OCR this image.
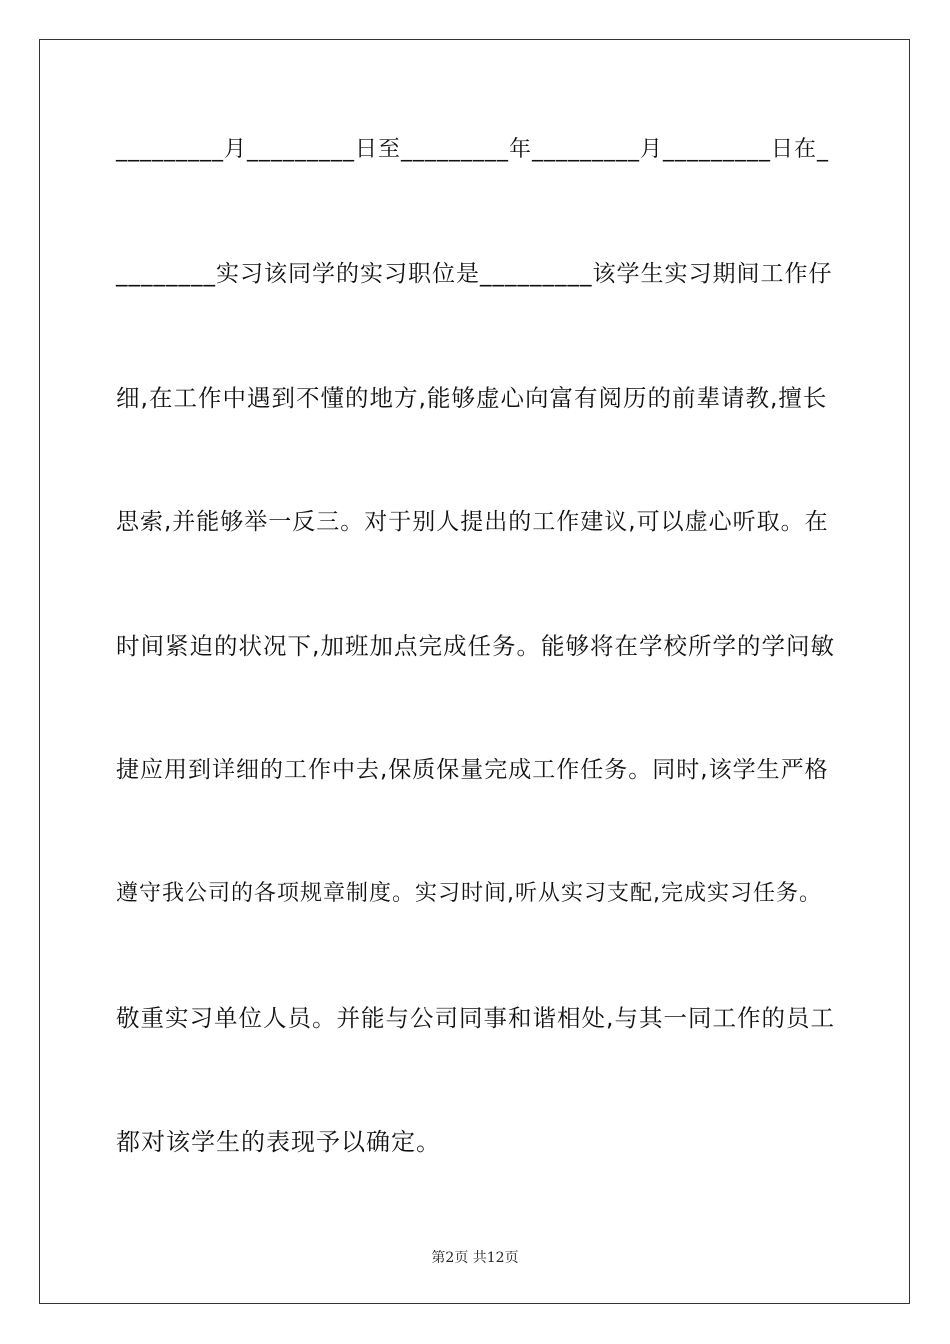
_________月_________日至_________年_________月_________日在_
________实习该同学的实习职位是_________该学生实习期间工作仔
细,在工作中遇到不懂的地方,能够虚心向富有阅历的前辈请教,擅长
思索,并能够举一反三。对于别人提出的工作建议,可以虚心听取。在
时间紧迫的状况下,加班加点完成任务。能够将在学校所学的学问敏
捷应用到详细的工作中去,保质保量完成工作任务。同时,该学生严格
遵守我公司的各项规章制度。实习时间,听从实习支配,完成实习任务。
敬重实习单位人员。并能与公司同事和谐相处,与其一同工作的员工
都对该学生的表现予以确定。
第2页 共12页
